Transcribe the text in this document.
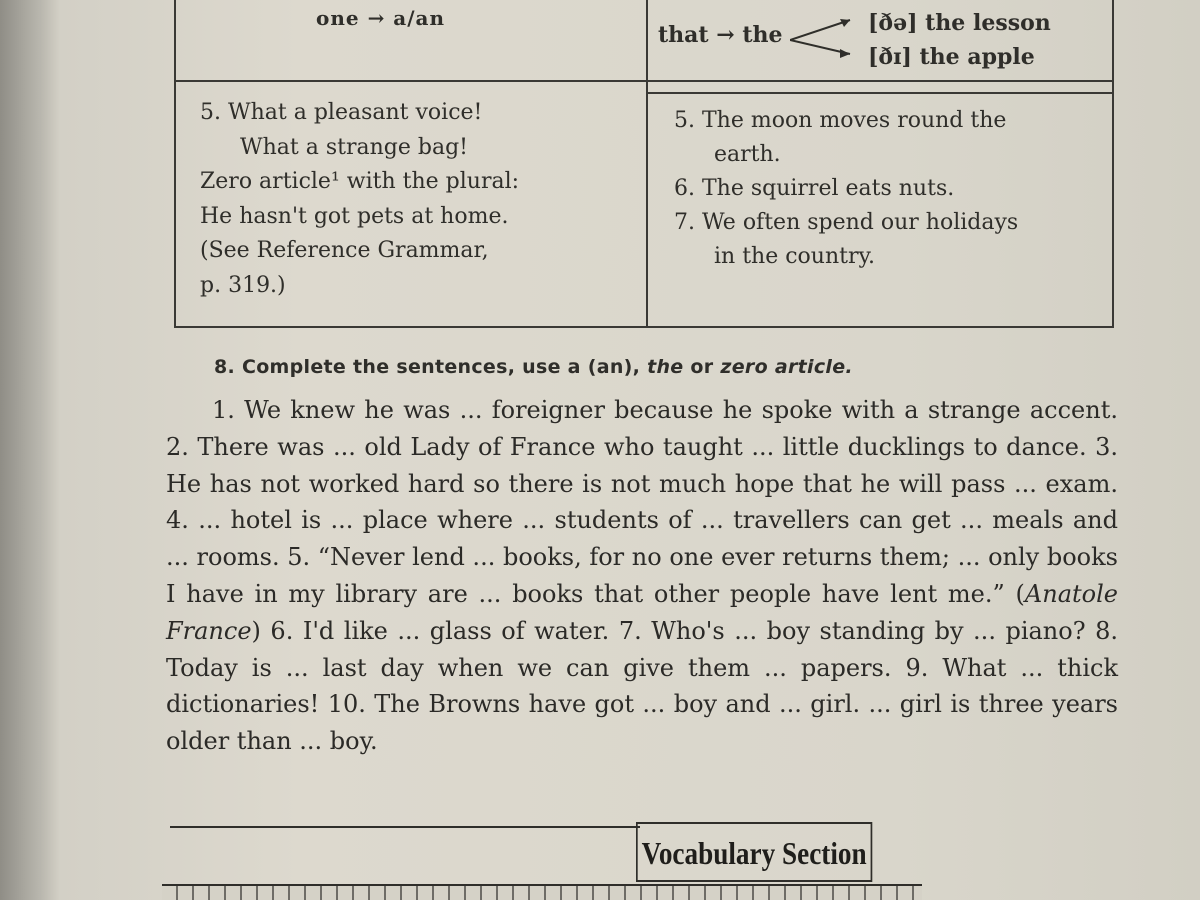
one → a/an
that → the	[ðə] the lesson
[ðɪ] the apple
5. What a pleasant voice!
What a strange bag!
Zero article¹ with the plural:
He hasn't got pets at home.
(See Reference Grammar,
p. 319.)
5. The moon moves round the
earth.
6. The squirrel eats nuts.
7. We often spend our holidays
in the country.
8. Complete the sentences, use a (an), the or zero article.
1. We knew he was ... foreigner because he spoke with a strange accent. 2. There was ... old Lady of France who taught ... little ducklings to dance. 3. He has not worked hard so there is not much hope that he will pass ... exam. 4. ... hotel is ... place where ... students of ... travellers can get ... meals and ... rooms. 5. “Never lend ... books, for no one ever returns them; ... only books I have in my library are ... books that other people have lent me.” (Anatole France) 6. I'd like ... glass of water. 7. Who's ... boy standing by ... piano? 8. Today is ... last day when we can give them ... papers. 9. What ... thick dictionaries! 10. The Browns have got ... boy and ... girl. ... girl is three years older than ... boy.
Vocabulary Section
